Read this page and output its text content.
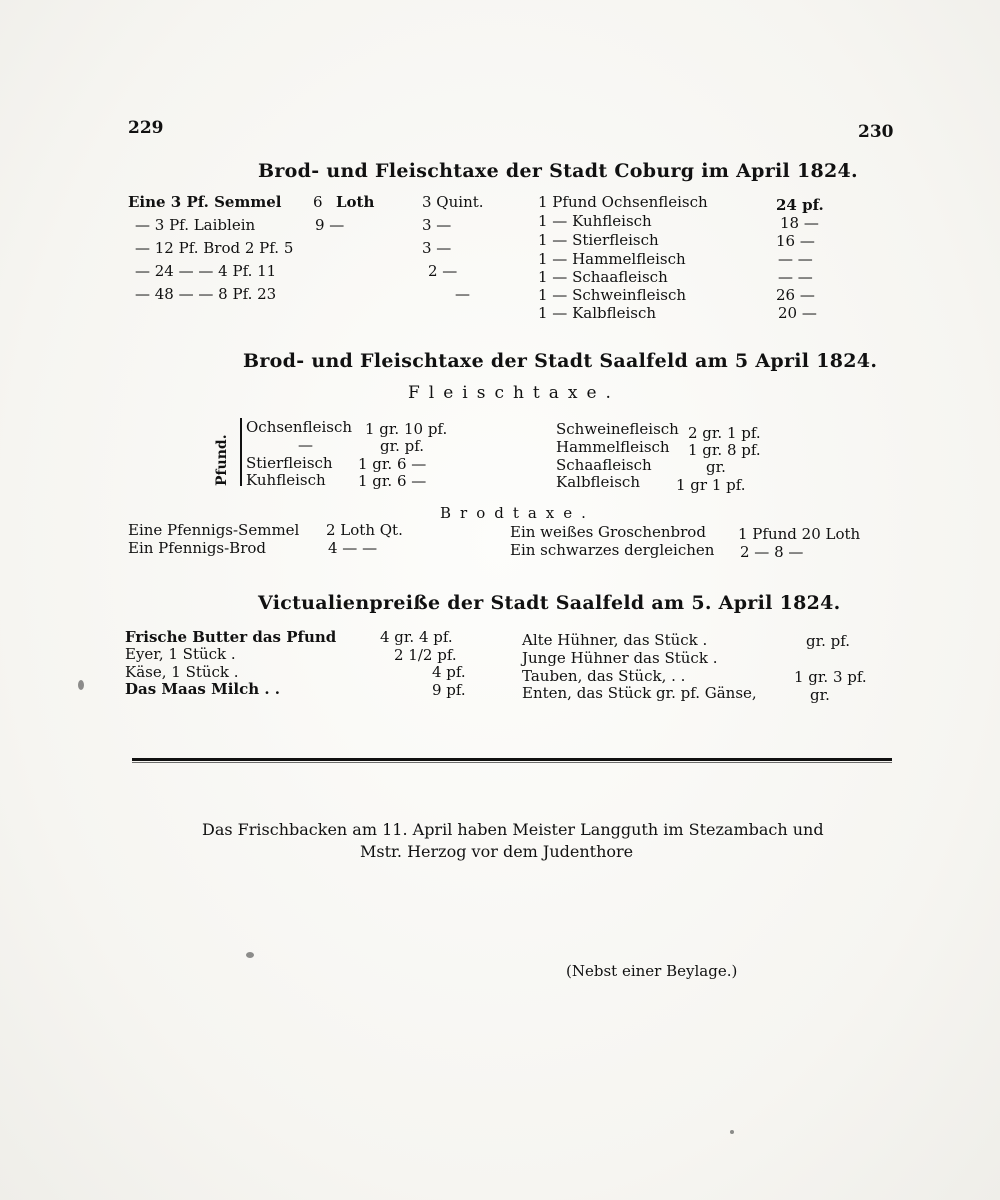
229	230
Brod- und Fleischtaxe der Stadt Coburg im April 1824.
Eine 3 Pf. Semmel 6 Loth	3 Quint.
— 3 Pf. Laiblein	9 —	3 —
— 12 Pf. Brod 2 Pf. 5	3 —
— 24 — — 4 Pf. 11	2 —
— 48 — — 8 Pf. 23	—
1 Pfund Ochsenfleisch	24 pf.
1 — Kuhfleisch	18 —
1 — Stierfleisch	16 —
1 — Hammelfleisch	— —
1 — Schaafleisch	— —
1 — Schweinfleisch	26 —
1 — Kalbfleisch	20 —
Brod- und Fleischtaxe der Stadt Saalfeld am 5 April 1824.
Fleischtaxe.
Pfund.
Ochsenfleisch 1 gr. 10 pf.
—	gr. pf.
Stierfleisch 1 gr. 6 —
Kuhfleisch 1 gr. 6 —
Schweinefleisch 2 gr. 1 pf.
Hammelfleisch 1 gr. 8 pf.
Schaafleisch	gr.
Kalbfleisch 1 gr 1 pf.
Brodtaxe.
Eine Pfennigs-Semmel 2 Loth Qt.
Ein Pfennigs-Brod	4 — —
Ein weißes Groschenbrod 1 Pfund 20 Loth
Ein schwarzes dergleichen 2 — 8 —
Victualienpreiße der Stadt Saalfeld am 5. April 1824.
Frische Butter das Pfund	4 gr. 4 pf.
Eyer, 1 Stück .	2 1/2 pf.
Käse, 1 Stück .	4 pf.
Das Maas Milch . .	9 pf.
Alte Hühner, das Stück .	gr. pf.
Junge Hühner das Stück .
Tauben, das Stück, . .	1 gr. 3 pf.
Enten, das Stück gr. pf. Gänse,	gr.
Das Frischbacken am 11. April haben Meister Langguth im Stezambach und
Mstr. Herzog vor dem Judenthore
(Nebst einer Beylage.)
